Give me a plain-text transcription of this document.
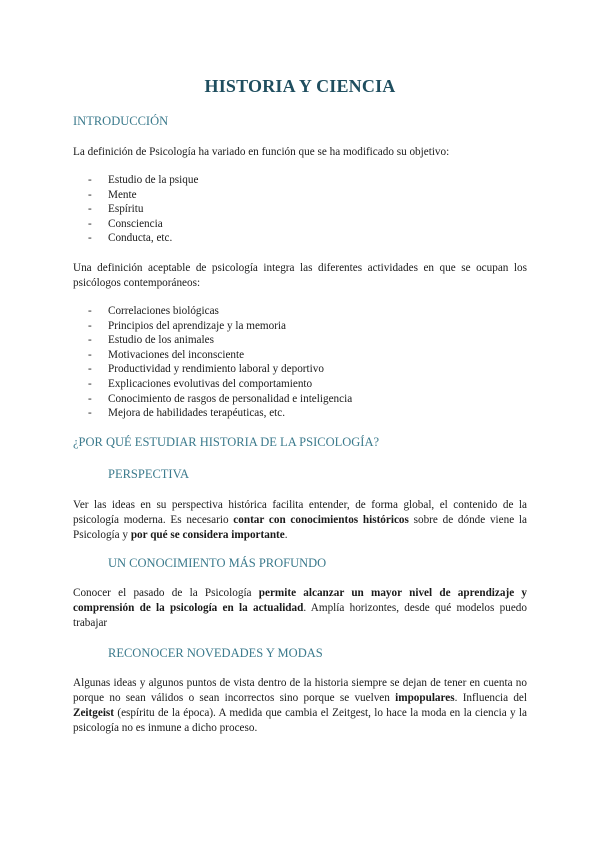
HISTORIA Y CIENCIA
INTRODUCCIÓN
La definición de Psicología ha variado en función que se ha modificado su objetivo:
- Estudio de la psique
- Mente
- Espíritu
- Consciencia
- Conducta, etc.
Una definición aceptable de psicología integra las diferentes actividades en que se ocupan los psicólogos contemporáneos:
- Correlaciones biológicas
- Principios del aprendizaje y la memoria
- Estudio de los animales
- Motivaciones del inconsciente
- Productividad y rendimiento laboral y deportivo
- Explicaciones evolutivas del comportamiento
- Conocimiento de rasgos de personalidad e inteligencia
- Mejora de habilidades terapéuticas, etc.
¿POR QUÉ ESTUDIAR HISTORIA DE LA PSICOLOGÍA?
PERSPECTIVA
Ver las ideas en su perspectiva histórica facilita entender, de forma global, el contenido de la psicología moderna. Es necesario contar con conocimientos históricos sobre de dónde viene la Psicología y por qué se considera importante.
UN CONOCIMIENTO MÁS PROFUNDO
Conocer el pasado de la Psicología permite alcanzar un mayor nivel de aprendizaje y comprensión de la psicología en la actualidad. Amplía horizontes, desde qué modelos puedo trabajar
RECONOCER NOVEDADES Y MODAS
Algunas ideas y algunos puntos de vista dentro de la historia siempre se dejan de tener en cuenta no porque no sean válidos o sean incorrectos sino porque se vuelven impopulares. Influencia del Zeitgeist (espíritu de la época). A medida que cambia el Zeitgest, lo hace la moda en la ciencia y la psicología no es inmune a dicho proceso.
